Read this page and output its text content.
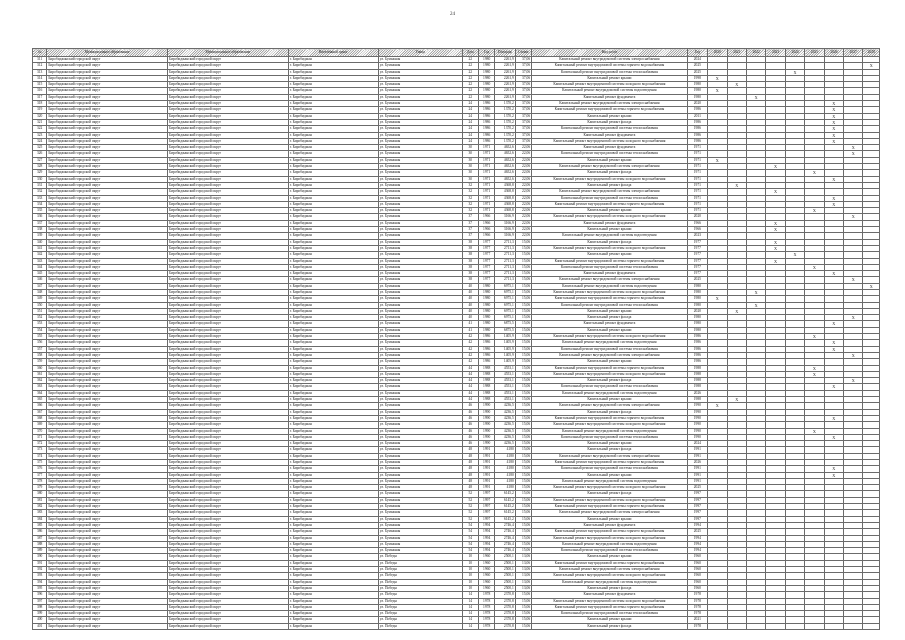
24
№	Муниципальное образование	Муниципальное образование	Населённый пункт	Улица	Дом	Год	Площадь	Стоим.	Вид работ	Год	2020	2021	2022	2023	2024	2025	2026	2027	2028
311	Биробиджанский городской округ	Биробиджанский городской округ	г. Биробиджан	ул. Бумажная	22	1980	2261,9	37,06	Капитальный ремонт внутридомовой системы электроснабжения	2024									
312	Биробиджанский городской округ	Биробиджанский городской округ	г. Биробиджан	ул. Бумажная	22	1980	2261,9	37,06	Капитальный ремонт внутридомовой системы горячего водоснабжения	2025									X
313	Биробиджанский городской округ	Биробиджанский городской округ	г. Биробиджан	ул. Бумажная	22	1980	2261,9	37,06	Капитальный ремонт внутридомовой системы теплоснабжения	2025					X				
314	Биробиджанский городской округ	Биробиджанский городской округ	г. Биробиджан	ул. Бумажная	22	1980	2261,9	37,06	Капитальный ремонт крыши	1998	X								
315	Биробиджанский городской округ	Биробиджанский городской округ	г. Биробиджан	ул. Бумажная	22	1980	2261,9	37,06	Капитальный ремонт внутридомовой системы холодного водоснабжения	1980		X							
316	Биробиджанский городской округ	Биробиджанский городской округ	г. Биробиджан	ул. Бумажная	22	1980	2261,9	37,06	Капитальный ремонт внутридомовой системы водоотведения	1980	X								
317	Биробиджанский городской округ	Биробиджанский городской округ	г. Биробиджан	ул. Бумажная	22	1980	2261,9	37,06	Капитальный ремонт фундамента	1980			X						
318	Биробиджанский городской округ	Биробиджанский городской округ	г. Биробиджан	ул. Бумажная	24	1986	1370,2	37,06	Капитальный ремонт внутридомовой системы электроснабжения	2020							X		
319	Биробиджанский городской округ	Биробиджанский городской округ	г. Биробиджан	ул. Бумажная	24	1986	1370,2	37,06	Капитальный ремонт внутридомовой системы горячего водоснабжения	1986							X		
320	Биробиджанский городской округ	Биробиджанский городской округ	г. Биробиджан	ул. Бумажная	24	1986	1370,2	37,06	Капитальный ремонт крыши	2011							X		
321	Биробиджанский городской округ	Биробиджанский городской округ	г. Биробиджан	ул. Бумажная	24	1986	1370,2	37,06	Капитальный ремонт фасада	1986							X		
322	Биробиджанский городской округ	Биробиджанский городской округ	г. Биробиджан	ул. Бумажная	24	1986	1370,2	37,06	Капитальный ремонт внутридомовой системы теплоснабжения	1986							X		
323	Биробиджанский городской округ	Биробиджанский городской округ	г. Биробиджан	ул. Бумажная	24	1986	1370,2	37,06	Капитальный ремонт фундамента	1986							X		
324	Биробиджанский городской округ	Биробиджанский городской округ	г. Биробиджан	ул. Бумажная	24	1986	1370,2	37,06	Капитальный ремонт внутридомовой системы холодного водоснабжения	1986							X		
325	Биробиджанский городской округ	Биробиджанский городской округ	г. Биробиджан	ул. Бумажная	30	1971	4652,6	22,06	Капитальный ремонт фундамента	1971								X	
326	Биробиджанский городской округ	Биробиджанский городской округ	г. Биробиджан	ул. Бумажная	30	1971	4652,6	22,06	Капитальный ремонт внутридомовой системы теплоснабжения	1971								X	
327	Биробиджанский городской округ	Биробиджанский городской округ	г. Биробиджан	ул. Бумажная	30	1971	4652,6	22,06	Капитальный ремонт крыши	1971	X								
328	Биробиджанский городской округ	Биробиджанский городской округ	г. Биробиджан	ул. Бумажная	30	1971	4652,6	22,06	Капитальный ремонт внутридомовой системы электроснабжения	1971				X					
329	Биробиджанский городской округ	Биробиджанский городской округ	г. Биробиджан	ул. Бумажная	30	1971	4652,6	22,06	Капитальный ремонт фасада	1971						X			
330	Биробиджанский городской округ	Биробиджанский городской округ	г. Биробиджан	ул. Бумажная	30	1971	4652,6	22,06	Капитальный ремонт внутридомовой системы холодного водоснабжения	1971							X		
331	Биробиджанский городской округ	Биробиджанский городской округ	г. Биробиджан	ул. Бумажная	32	1971	4368,8	22,06	Капитальный ремонт фасада	1971		X							
332	Биробиджанский городской округ	Биробиджанский городской округ	г. Биробиджан	ул. Бумажная	32	1971	4368,8	22,06	Капитальный ремонт внутридомовой системы электроснабжения	1971				X					
333	Биробиджанский городской округ	Биробиджанский городской округ	г. Биробиджан	ул. Бумажная	32	1971	4368,8	22,06	Капитальный ремонт внутридомовой системы теплоснабжения	1971							X		
334	Биробиджанский городской округ	Биробиджанский городской округ	г. Биробиджан	ул. Бумажная	32	1971	4368,8	22,06	Капитальный ремонт внутридомовой системы горячего водоснабжения	1971							X		
335	Биробиджанский городской округ	Биробиджанский городской округ	г. Биробиджан	ул. Бумажная	32	1971	4368,8	22,06	Капитальный ремонт крыши	1971						X			
336	Биробиджанский городской округ	Биробиджанский городской округ	г. Биробиджан	ул. Бумажная	37	1966	3166,9	22,06	Капитальный ремонт внутридомовой системы холодного водоснабжения	2020								X	
337	Биробиджанский городской округ	Биробиджанский городской округ	г. Биробиджан	ул. Бумажная	37	1966	3166,9	22,06	Капитальный ремонт фундамента	1966				X					
338	Биробиджанский городской округ	Биробиджанский городской округ	г. Биробиджан	ул. Бумажная	37	1966	3166,9	22,06	Капитальный ремонт крыши	1966				X					
339	Биробиджанский городской округ	Биробиджанский городской округ	г. Биробиджан	ул. Бумажная	37	1966	3166,9	22,06	Капитальный ремонт внутридомовой системы водоотведения	2023									
340	Биробиджанский городской округ	Биробиджанский городской округ	г. Биробиджан	ул. Бумажная	38	1977	2711,3	15,06	Капитальный ремонт фасада	1977				X					
341	Биробиджанский городской округ	Биробиджанский городской округ	г. Биробиджан	ул. Бумажная	38	1977	2711,3	15,06	Капитальный ремонт внутридомовой системы холодного водоснабжения	1977				X					
342	Биробиджанский городской округ	Биробиджанский городской округ	г. Биробиджан	ул. Бумажная	38	1977	2711,3	15,06	Капитальный ремонт крыши	1977					X				
343	Биробиджанский городской округ	Биробиджанский городской округ	г. Биробиджан	ул. Бумажная	38	1977	2711,3	15,06	Капитальный ремонт внутридомовой системы горячего водоснабжения	1977				X					
344	Биробиджанский городской округ	Биробиджанский городской округ	г. Биробиджан	ул. Бумажная	38	1977	2711,3	15,06	Капитальный ремонт внутридомовой системы теплоснабжения	1977						X			
345	Биробиджанский городской округ	Биробиджанский городской округ	г. Биробиджан	ул. Бумажная	38	1977	2711,3	15,06	Капитальный ремонт фундамента	1977							X		
346	Биробиджанский городской округ	Биробиджанский городской округ	г. Биробиджан	ул. Бумажная	38	1977	2711,3	15,06	Капитальный ремонт внутридомовой системы электроснабжения	2025								X	
347	Биробиджанский городской округ	Биробиджанский городской округ	г. Биробиджан	ул. Бумажная	40	1980	6975,1	15,06	Капитальный ремонт внутридомовой системы водоотведения	1980									X
348	Биробиджанский городской округ	Биробиджанский городской округ	г. Биробиджан	ул. Бумажная	40	1980	6975,1	15,06	Капитальный ремонт внутридомовой системы холодного водоснабжения	1980			X						
349	Биробиджанский городской округ	Биробиджанский городской округ	г. Биробиджан	ул. Бумажная	40	1980	6975,1	15,06	Капитальный ремонт внутридомовой системы горячего водоснабжения	1980	X								
350	Биробиджанский городской округ	Биробиджанский городской округ	г. Биробиджан	ул. Бумажная	40	1980	6975,1	15,06	Капитальный ремонт внутридомовой системы теплоснабжения	1980			X						
351	Биробиджанский городской округ	Биробиджанский городской округ	г. Биробиджан	ул. Бумажная	40	1980	6975,1	15,06	Капитальный ремонт крыши	2020		X							
352	Биробиджанский городской округ	Биробиджанский городской округ	г. Биробиджан	ул. Бумажная	40	1980	6975,1	15,06	Капитальный ремонт фасада	1980								X	
353	Биробиджанский городской округ	Биробиджанский городской округ	г. Биробиджан	ул. Бумажная	41	1980	6875,5	15,06	Капитальный ремонт фундамента	1980							X		
354	Биробиджанский городской округ	Биробиджанский городской округ	г. Биробиджан	ул. Бумажная	41	1980	6875,5	15,06	Капитальный ремонт крыши	1980									
355	Биробиджанский городской округ	Биробиджанский городской округ	г. Биробиджан	ул. Бумажная	42	1986	1405,9	15,06	Капитальный ремонт внутридомовой системы холодного водоснабжения	1986						X			
356	Биробиджанский городской округ	Биробиджанский городской округ	г. Биробиджан	ул. Бумажная	42	1986	1405,9	15,06	Капитальный ремонт внутридомовой системы водоотведения	1986							X		
357	Биробиджанский городской округ	Биробиджанский городской округ	г. Биробиджан	ул. Бумажная	42	1986	1405,9	15,06	Капитальный ремонт внутридомовой системы теплоснабжения	1986							X		
358	Биробиджанский городской округ	Биробиджанский городской округ	г. Биробиджан	ул. Бумажная	42	1986	1405,9	15,06	Капитальный ремонт внутридомовой системы электроснабжения	1986								X	
359	Биробиджанский городской округ	Биробиджанский городской округ	г. Биробиджан	ул. Бумажная	42	1986	1405,9	15,06	Капитальный ремонт крыши	1986									
360	Биробиджанский городской округ	Биробиджанский городской округ	г. Биробиджан	ул. Бумажная	44	1988	4553,1	15,06	Капитальный ремонт внутридомовой системы горячего водоснабжения	1988						X			
361	Биробиджанский городской округ	Биробиджанский городской округ	г. Биробиджан	ул. Бумажная	44	1988	4553,1	15,06	Капитальный ремонт внутридомовой системы холодного водоснабжения	1988						X			
362	Биробиджанский городской округ	Биробиджанский городской округ	г. Биробиджан	ул. Бумажная	44	1988	4553,1	15,06	Капитальный ремонт фасада	1988								X	
363	Биробиджанский городской округ	Биробиджанский городской округ	г. Биробиджан	ул. Бумажная	44	1988	4553,1	15,06	Капитальный ремонт внутридомовой системы теплоснабжения	1988							X		
364	Биробиджанский городской округ	Биробиджанский городской округ	г. Биробиджан	ул. Бумажная	44	1988	4553,1	15,06	Капитальный ремонт внутридомовой системы водоотведения	2026									
365	Биробиджанский городской округ	Биробиджанский городской округ	г. Биробиджан	ул. Бумажная	44	1988	4553,1	15,06	Капитальный ремонт крыши	1988		X							
366	Биробиджанский городской округ	Биробиджанский городской округ	г. Биробиджан	ул. Бумажная	46	1990	4236,5	15,06	Капитальный ремонт внутридомовой системы электроснабжения	1990	X								
367	Биробиджанский городской округ	Биробиджанский городской округ	г. Биробиджан	ул. Бумажная	46	1990	4236,5	15,06	Капитальный ремонт фасада	1990									
368	Биробиджанский городской округ	Биробиджанский городской округ	г. Биробиджан	ул. Бумажная	46	1990	4236,5	15,06	Капитальный ремонт внутридомовой системы горячего водоснабжения	1990							X		
369	Биробиджанский городской округ	Биробиджанский городской округ	г. Биробиджан	ул. Бумажная	46	1990	4236,5	15,06	Капитальный ремонт внутридомовой системы холодного водоснабжения	1990									
370	Биробиджанский городской округ	Биробиджанский городской округ	г. Биробиджан	ул. Бумажная	46	1990	4236,5	15,06	Капитальный ремонт внутридомовой системы водоотведения	1990						X			
371	Биробиджанский городской округ	Биробиджанский городской округ	г. Биробиджан	ул. Бумажная	46	1990	4236,5	15,06	Капитальный ремонт внутридомовой системы теплоснабжения	1990							X		
372	Биробиджанский городской округ	Биробиджанский городской округ	г. Биробиджан	ул. Бумажная	46	1990	4236,5	15,06	Капитальный ремонт крыши	2024									
373	Биробиджанский городской округ	Биробиджанский городской округ	г. Биробиджан	ул. Бумажная	48	1991	4180	15,06	Капитальный ремонт фасада	1991									
374	Биробиджанский городской округ	Биробиджанский городской округ	г. Биробиджан	ул. Бумажная	48	1991	4180	15,06	Капитальный ремонт внутридомовой системы электроснабжения	1991									
375	Биробиджанский городской округ	Биробиджанский городской округ	г. Биробиджан	ул. Бумажная	48	1991	4180	15,06	Капитальный ремонт внутридомовой системы горячего водоснабжения	2026									
376	Биробиджанский городской округ	Биробиджанский городской округ	г. Биробиджан	ул. Бумажная	48	1991	4180	15,06	Капитальный ремонт внутридомовой системы теплоснабжения	1991							X		
377	Биробиджанский городской округ	Биробиджанский городской округ	г. Биробиджан	ул. Бумажная	48	1991	4180	15,06	Капитальный ремонт крыши	1991							X		
378	Биробиджанский городской округ	Биробиджанский городской округ	г. Биробиджан	ул. Бумажная	48	1991	4180	15,06	Капитальный ремонт внутридомовой системы водоотведения	1991									
379	Биробиджанский городской округ	Биробиджанский городской округ	г. Биробиджан	ул. Бумажная	48	1991	4180	15,06	Капитальный ремонт внутридомовой системы холодного водоснабжения	2025									
380	Биробиджанский городской округ	Биробиджанский городской округ	г. Биробиджан	ул. Бумажная	52	1997	6145,2	15,06	Капитальный ремонт фасада	1997									
381	Биробиджанский городской округ	Биробиджанский городской округ	г. Биробиджан	ул. Бумажная	52	1997	6145,2	15,06	Капитальный ремонт внутридомовой системы холодного водоснабжения	1997									
382	Биробиджанский городской округ	Биробиджанский городской округ	г. Биробиджан	ул. Бумажная	52	1997	6145,2	15,06	Капитальный ремонт внутридомовой системы горячего водоснабжения	1997									
383	Биробиджанский городской округ	Биробиджанский городской округ	г. Биробиджан	ул. Бумажная	52	1997	6145,2	15,06	Капитальный ремонт внутридомовой системы электроснабжения	1997									
384	Биробиджанский городской округ	Биробиджанский городской округ	г. Биробиджан	ул. Бумажная	52	1997	6145,2	15,06	Капитальный ремонт крыши	1997									
385	Биробиджанский городской округ	Биробиджанский городской округ	г. Биробиджан	ул. Бумажная	54	1994	2746,4	15,06	Капитальный ремонт фундамента	1994									
386	Биробиджанский городской округ	Биробиджанский городской округ	г. Биробиджан	ул. Бумажная	54	1994	2746,4	15,06	Капитальный ремонт внутридомовой системы горячего водоснабжения	2025									
387	Биробиджанский городской округ	Биробиджанский городской округ	г. Биробиджан	ул. Бумажная	54	1994	2746,4	15,06	Капитальный ремонт внутридомовой системы холодного водоснабжения	1994									
388	Биробиджанский городской округ	Биробиджанский городской округ	г. Биробиджан	ул. Бумажная	54	1994	2746,4	15,06	Капитальный ремонт внутридомовой системы водоотведения	1994									
389	Биробиджанский городской округ	Биробиджанский городской округ	г. Биробиджан	ул. Бумажная	54	1994	2746,4	15,06	Капитальный ремонт внутридомовой системы теплоснабжения	1994									
390	Биробиджанский городской округ	Биробиджанский городской округ	г. Биробиджан	ул. Победы	10	1960	2500,1	13,06	Капитальный ремонт крыши	1960									
391	Биробиджанский городской округ	Биробиджанский городской округ	г. Биробиджан	ул. Победы	10	1960	2500,1	13,06	Капитальный ремонт внутридомовой системы горячего водоснабжения	1960									
392	Биробиджанский городской округ	Биробиджанский городской округ	г. Биробиджан	ул. Победы	10	1960	2500,1	13,06	Капитальный ремонт внутридомовой системы электроснабжения	1960									
393	Биробиджанский городской округ	Биробиджанский городской округ	г. Биробиджан	ул. Победы	10	1960	2500,1	13,06	Капитальный ремонт внутридомовой системы холодного водоснабжения	1960									
394	Биробиджанский городской округ	Биробиджанский городской округ	г. Биробиджан	ул. Победы	10	1960	2500,1	13,06	Капитальный ремонт внутридомовой системы водоотведения	1960									
395	Биробиджанский городской округ	Биробиджанский городской округ	г. Биробиджан	ул. Победы	10	1960	2500,1	13,06	Капитальный ремонт фасада	1960									
396	Биробиджанский городской округ	Биробиджанский городской округ	г. Биробиджан	ул. Победы	14	1978	2370,8	15,06	Капитальный ремонт фундамента	1978									
397	Биробиджанский городской округ	Биробиджанский городской округ	г. Биробиджан	ул. Победы	14	1978	2370,8	15,06	Капитальный ремонт внутридомовой системы холодного водоснабжения	1978									
398	Биробиджанский городской округ	Биробиджанский городской округ	г. Биробиджан	ул. Победы	14	1978	2370,8	15,06	Капитальный ремонт внутридомовой системы горячего водоснабжения	1978									
399	Биробиджанский городской округ	Биробиджанский городской округ	г. Биробиджан	ул. Победы	14	1978	2370,8	15,06	Капитальный ремонт внутридомовой системы теплоснабжения	1978									
400	Биробиджанский городской округ	Биробиджанский городской округ	г. Биробиджан	ул. Победы	14	1978	2370,8	15,06	Капитальный ремонт крыши	2021									
401	Биробиджанский городской округ	Биробиджанский городской округ	г. Биробиджан	ул. Победы	14	1978	2370,8	15,06	Капитальный ремонт фасада	1978									
